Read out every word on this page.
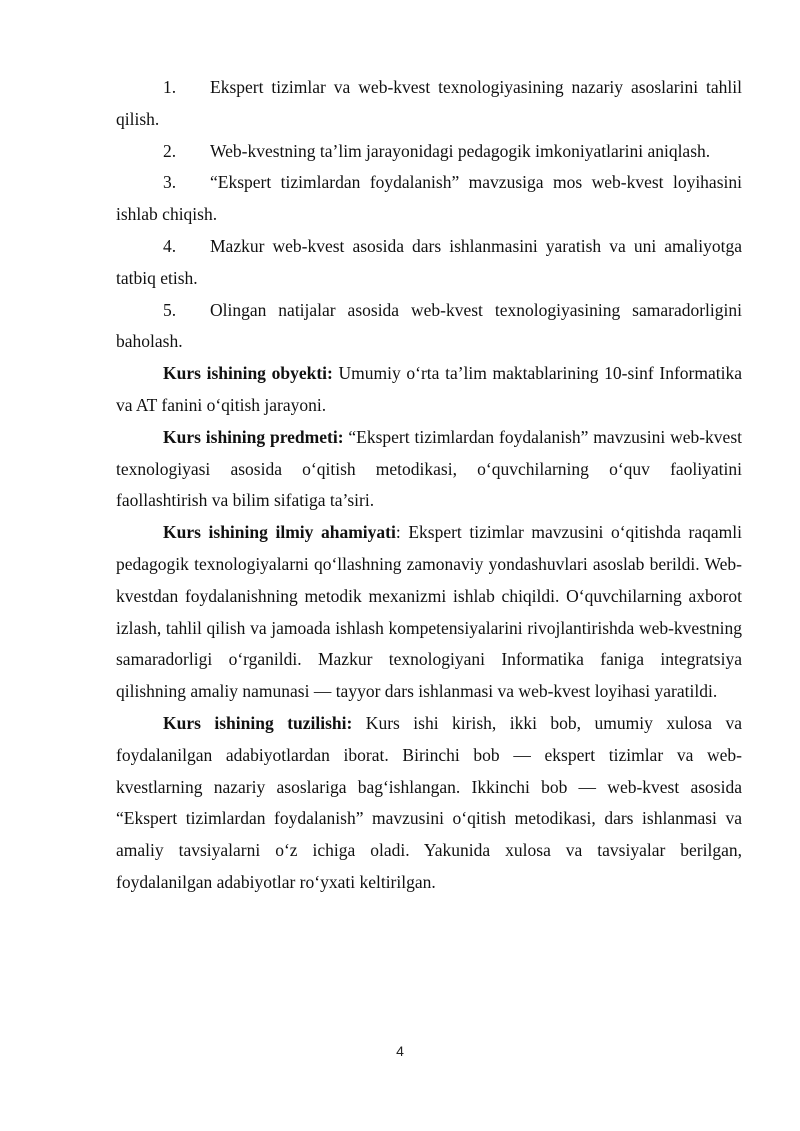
1. Ekspert tizimlar va web-kvest texnologiyasining nazariy asoslarini tahlil qilish.

2. Web-kvestning ta’lim jarayonidagi pedagogik imkoniyatlarini aniqlash.

3. “Ekspert tizimlardan foydalanish” mavzusiga mos web-kvest loyihasini ishlab chiqish.

4. Mazkur web-kvest asosida dars ishlanmasini yaratish va uni amaliyotga tatbiq etish.

5. Olingan natijalar asosida web-kvest texnologiyasining samaradorligini baholash.

Kurs ishining obyekti: Umumiy o‘rta ta’lim maktablarining 10-sinf Informatika va AT fanini o‘qitish jarayoni.

Kurs ishining predmeti: “Ekspert tizimlardan foydalanish” mavzusini web-kvest texnologiyasi asosida o‘qitish metodikasi, o‘quvchilarning o‘quv faoliyatini faollashtirish va bilim sifatiga ta’siri.

Kurs ishining ilmiy ahamiyati: Ekspert tizimlar mavzusini o‘qitishda raqamli pedagogik texnologiyalarni qo‘llashning zamonaviy yondashuvlari asoslab berildi. Web-kvestdan foydalanishning metodik mexanizmi ishlab chiqildi. O‘quvchilarning axborot izlash, tahlil qilish va jamoada ishlash kompetensiyalarini rivojlantirishda web-kvestning samaradorligi o‘rganildi. Mazkur texnologiyani Informatika faniga integratsiya qilishning amaliy namunasi — tayyor dars ishlanmasi va web-kvest loyihasi yaratildi.

Kurs ishining tuzilishi: Kurs ishi kirish, ikki bob, umumiy xulosa va foydalanilgan adabiyotlardan iborat. Birinchi bob — ekspert tizimlar va web-kvestlarning nazariy asoslariga bag‘ishlangan. Ikkinchi bob — web-kvest asosida “Ekspert tizimlardan foydalanish” mavzusini o‘qitish metodikasi, dars ishlanmasi va amaliy tavsiyalarni o‘z ichiga oladi. Yakunida xulosa va tavsiyalar berilgan, foydalanilgan adabiyotlar ro‘yxati keltirilgan.

4
